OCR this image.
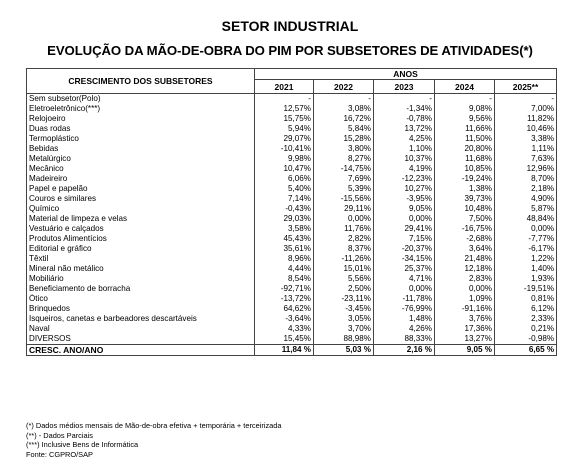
SETOR INDUSTRIAL
EVOLUÇÃO DA MÃO-DE-OBRA DO PIM POR SUBSETORES DE ATIVIDADES(*)
CRESCIMENTO DOS SUBSETORES	ANOS				
	2021	2022	2023	2024	2025**
Sem subsetor(Polo)	-	-	-	-	-
Eletroeletrônico(***)	12,57%	3,08%	-1,34%	9,08%	7,00%
Relojoeiro	15,75%	16,72%	-0,78%	9,56%	11,82%
Duas rodas	5,94%	5,84%	13,72%	11,66%	10,46%
Termoplástico	29,07%	15,28%	4,25%	11,50%	3,38%
Bebidas	-10,41%	3,80%	1,10%	20,80%	1,11%
Metalúrgico	9,98%	8,27%	10,37%	11,68%	7,63%
Mecânico	10,47%	-14,75%	4,19%	10,85%	12,96%
Madeireiro	6,06%	7,69%	-12,23%	-19,24%	8,70%
Papel e papelão	5,40%	5,39%	10,27%	1,38%	2,18%
Couros e similares	7,14%	-15,56%	-3,95%	39,73%	4,90%
Químico	-0,43%	29,11%	9,05%	10,48%	5,87%
Material de limpeza e velas	29,03%	0,00%	0,00%	7,50%	48,84%
Vestuário e calçados	3,58%	11,76%	29,41%	-16,75%	0,00%
Produtos Alimentícios	45,43%	2,82%	7,15%	-2,68%	-7,77%
Editorial e gráfico	35,61%	8,37%	-20,37%	3,64%	-6,17%
Têxtil	8,96%	-11,26%	-34,15%	21,48%	1,22%
Mineral não metálico	4,44%	15,01%	25,37%	12,18%	1,40%
Mobiliário	8,54%	5,56%	4,71%	2,83%	1,93%
Beneficiamento de borracha	-92,71%	2,50%	0,00%	0,00%	-19,51%
Ótico	-13,72%	-23,11%	-11,78%	1,09%	0,81%
Brinquedos	64,62%	-3,45%	-76,99%	-91,16%	6,12%
Isqueiros, canetas e barbeadores descartáveis	-3,64%	3,05%	1,48%	3,76%	2,33%
Naval	4,33%	3,70%	4,26%	17,36%	0,21%
DIVERSOS	15,45%	88,98%	88,33%	13,27%	-0,98%
CRESC. ANO/ANO	11,84 %	5,03 %	2,16 %	9,05 %	6,65 %
(*) Dados médios mensais de Mão-de-obra efetiva + temporária + terceirizada
(**) - Dados Parciais
(***) Inclusive Bens de Informática
Fonte: CGPRO/SAP
